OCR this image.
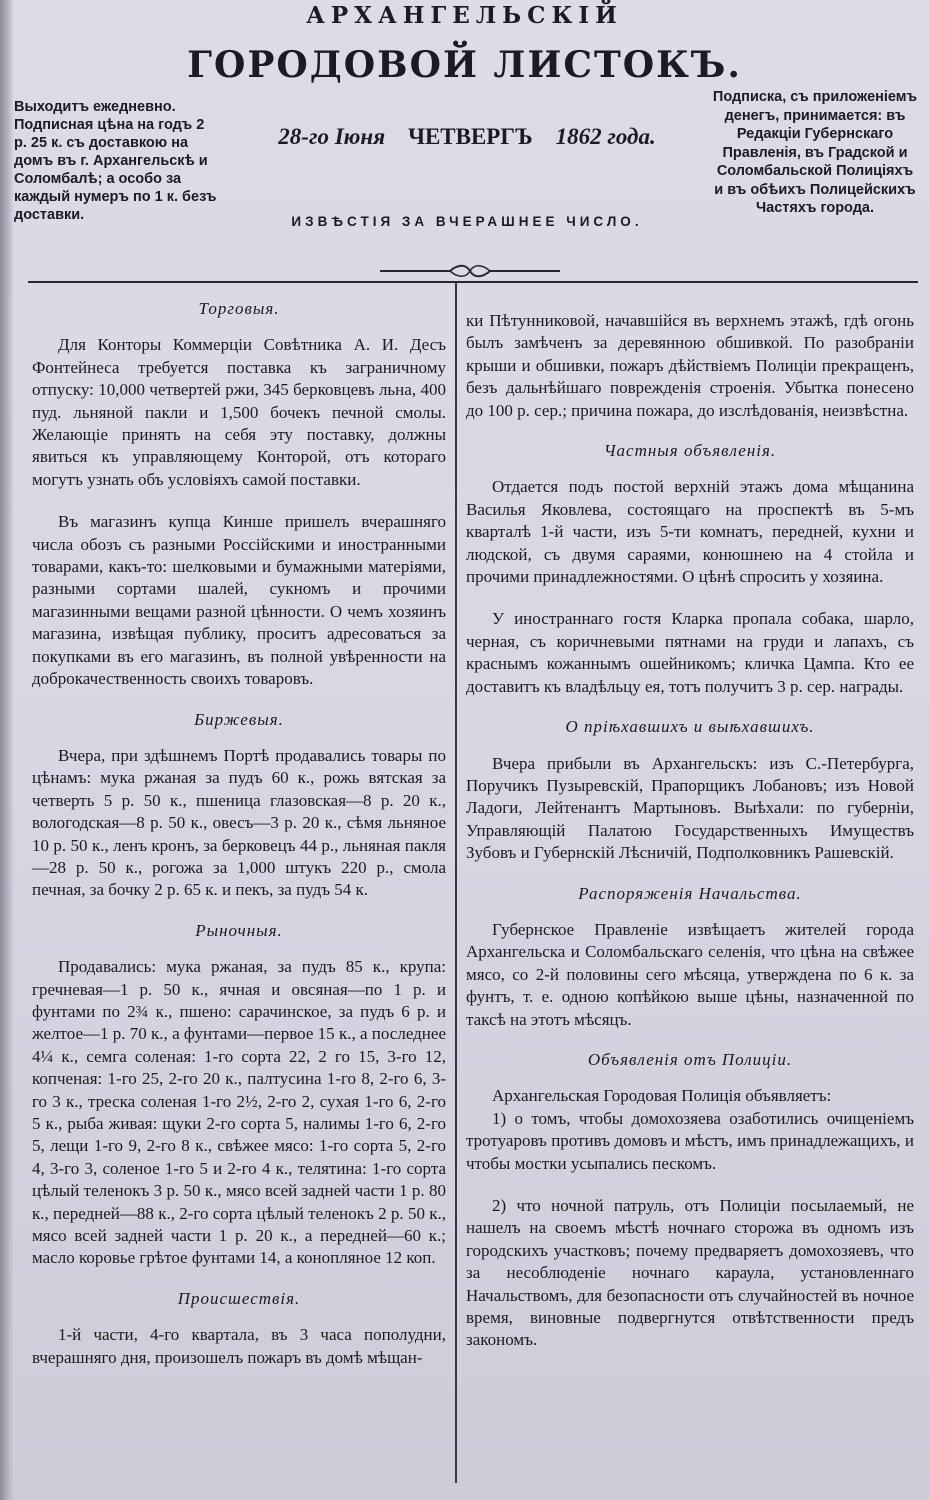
АРХАНГЕЛЬСКІЙ
ГОРОДОВОЙ ЛИСТОКЪ.
Выходитъ ежедневно. Подписная цѣна на годъ 2 р. 25 к. съ доставкою на домъ въ г. Архангельскѣ и Соломбалѣ; а особо за каждый нумеръ по 1 к. безъ доставки.
Подписка, съ приложеніемъ денегъ, принимается: въ Редакціи Губернскаго Правленія, въ Градской и Соломбальской Полиціяхъ и въ обѣихъ Полицейскихъ Частяхъ города.
28-го Іюня ЧЕТВЕРГЪ 1862 года.
ИЗВѢСТІЯ ЗА ВЧЕРАШНЕЕ ЧИСЛО.
Торговыя.

Для Конторы Коммерціи Совѣтника А. И. Десъ Фонтейнеса требуется поставка къ заграничному отпуску: 10,000 четвертей ржи, 345 берковцевъ льна, 400 пуд. льняной пакли и 1,500 бочекъ печной смолы. Желающіе принять на себя эту поставку, должны явиться къ управляющему Конторой, отъ котораго могутъ узнать объ условіяхъ самой поставки.

Въ магазинъ купца Кинше пришелъ вчерашняго числа обозъ съ разными Россійскими и иностранными товарами, какъ-то: шелковыми и бумажными матеріями, разными сортами шалей, сукномъ и прочими магазинными вещами разной цѣнности. О чемъ хозяинъ магазина, извѣщая публику, проситъ адресоваться за покупками въ его магазинъ, въ полной увѣренности на доброкачественность своихъ товаровъ.

Биржевыя.

Вчера, при здѣшнемъ Портѣ продавались товары по цѣнамъ: мука ржаная за пудъ 60 к., рожь вятская за четверть 5 р. 50 к., пшеница глазовская—8 р. 20 к., вологодская—8 р. 50 к., овесъ—3 р. 20 к., сѣмя льняное 10 р. 50 к., ленъ кронъ, за берковецъ 44 р., льняная пакля—28 р. 50 к., рогожа за 1,000 штукъ 220 р., смола печная, за бочку 2 р. 65 к. и пекъ, за пудъ 54 к.

Рыночныя.

Продавались: мука ржаная, за пудъ 85 к., крупа: гречневая—1 р. 50 к., ячная и овсяная—по 1 р. и фунтами по 2¾ к., пшено: сарачинское, за пудъ 6 р. и желтое—1 р. 70 к., а фунтами—первое 15 к., а последнее 4¼ к., семга соленая: 1-го сорта 22, 2 го 15, 3-го 12, копченая: 1-го 25, 2-го 20 к., палтусина 1-го 8, 2-го 6, 3-го 3 к., треска соленая 1-го 2½, 2-го 2, сухая 1-го 6, 2-го 5 к., рыба живая: щуки 2-го сорта 5, налимы 1-го 6, 2-го 5, лещи 1-го 9, 2-го 8 к., свѣжее мясо: 1-го сорта 5, 2-го 4, 3-го 3, соленое 1-го 5 и 2-го 4 к., телятина: 1-го сорта цѣлый теленокъ 3 р. 50 к., мясо всей задней части 1 р. 80 к., передней—88 к., 2-го сорта цѣлый теленокъ 2 р. 50 к., мясо всей задней части 1 р. 20 к., а передней—60 к.; масло коровье грѣтое фунтами 14, а конопляное 12 коп.

Происшествія.

1-й части, 4-го квартала, въ 3 часа пополудни, вчерашняго дня, произошелъ пожаръ въ домѣ мѣщан-

ки Пѣтунниковой, начавшійся въ верхнемъ этажѣ, гдѣ огонь былъ замѣченъ за деревянною обшивкой. По разобраніи крыши и обшивки, пожаръ дѣйствіемъ Полиціи прекращенъ, безъ дальнѣйшаго поврежденія строенія. Убытка понесено до 100 р. сер.; причина пожара, до изслѣдованія, неизвѣстна.

Частныя объявленія.

Отдается подъ постой верхній этажъ дома мѣщанина Василья Яковлева, состоящаго на проспектѣ въ 5-мъ кварталѣ 1-й части, изъ 5-ти комнатъ, передней, кухни и людской, съ двумя сараями, конюшнею на 4 стойла и прочими принадлежностями. О цѣнѣ спросить у хозяина.

У иностраннаго гостя Кларка пропала собака, шарло, черная, съ коричневыми пятнами на груди и лапахъ, съ краснымъ кожаннымъ ошейникомъ; кличка Цампа. Кто ее доставитъ къ владѣльцу ея, тотъ получитъ 3 р. сер. награды.

О пріѣхавшихъ и выѣхавшихъ.

Вчера прибыли въ Архангельскъ: изъ С.-Петербурга, Поручикъ Пузыревскій, Прапорщикъ Лобановъ; изъ Новой Ладоги, Лейтенантъ Мартыновъ. Выѣхали: по губерніи, Управляющій Палатою Государственныхъ Имуществъ Зубовъ и Губернскій Лѣсничій, Подполковникъ Рашевскій.

Распоряженія Начальства.

Губернское Правленіе извѣщаетъ жителей города Архангельска и Соломбальскаго селенія, что цѣна на свѣжее мясо, со 2-й половины сего мѣсяца, утверждена по 6 к. за фунтъ, т. е. одною копѣйкою выше цѣны, назначенной по таксѣ на этотъ мѣсяцъ.

Объявленія отъ Полиціи.

Архангельская Городовая Полиція объявляетъ:

1) о томъ, чтобы домохозяева озаботились очищеніемъ тротуаровъ противъ домовъ и мѣстъ, имъ принадлежащихъ, и чтобы мостки усыпались пескомъ.

2) что ночной патруль, отъ Полиціи посылаемый, не нашелъ на своемъ мѣстѣ ночнаго сторожа въ одномъ изъ городскихъ участковъ; почему предваряетъ домохозяевъ, что за несоблюденіе ночнаго караула, установленнаго Начальствомъ, для безопасности отъ случайностей въ ночное время, виновные подвергнутся отвѣтственности предъ закономъ.
